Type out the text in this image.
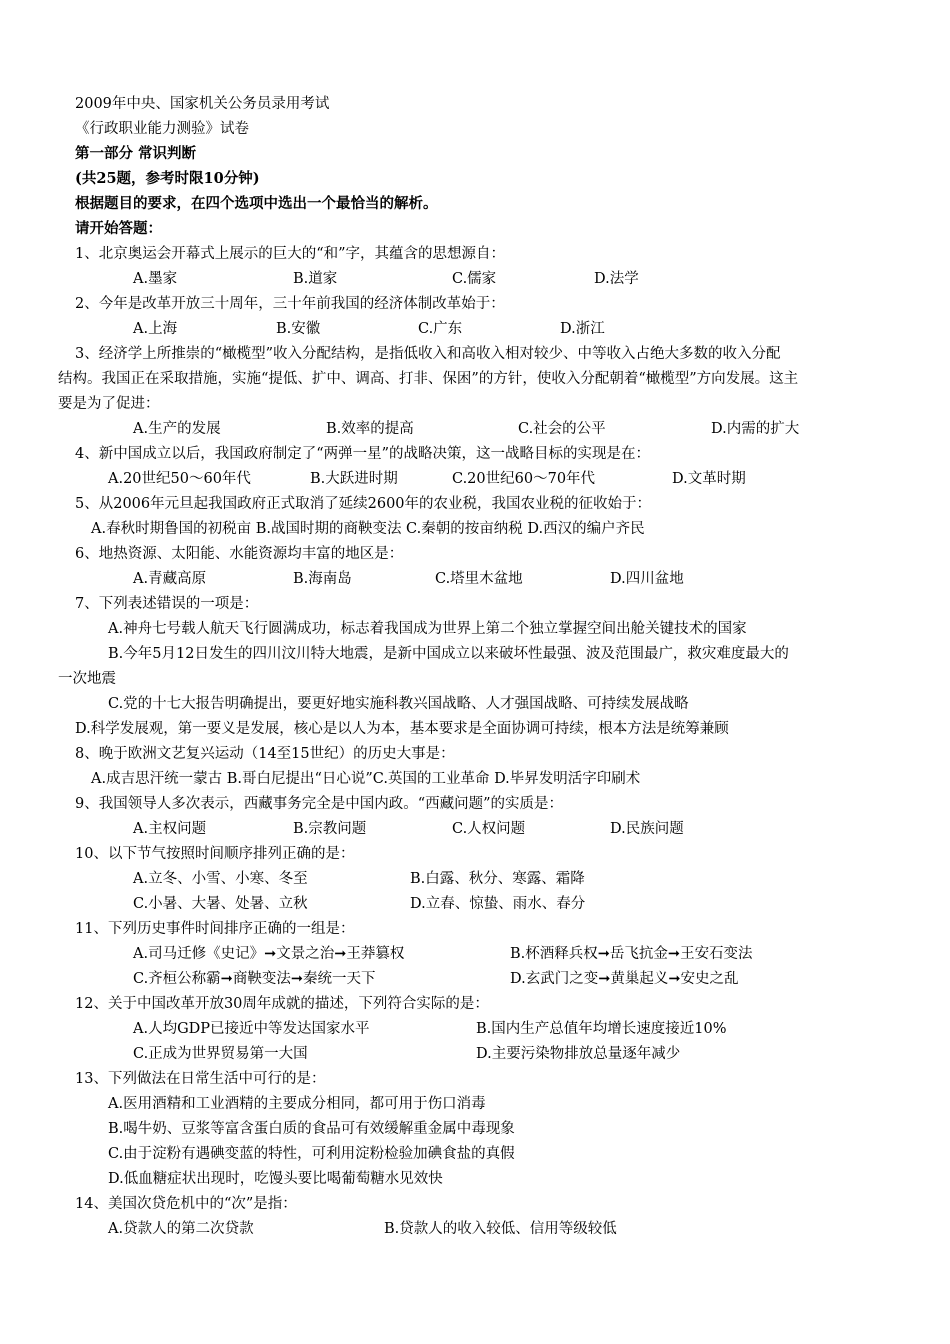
2009年中央、国家机关公务员录用考试
《行政职业能力测验》试卷
第一部分 常识判断
(共25题，参考时限10分钟)
根据题目的要求，在四个选项中选出一个最恰当的解析。
请开始答题：
1、北京奥运会开幕式上展示的巨大的“和”字，其蕴含的思想源自：
A.墨家	B.道家	C.儒家	D.法学
2、今年是改革开放三十周年，三十年前我国的经济体制改革始于：
A.上海	B.安徽	C.广东	D.浙江
3、经济学上所推崇的“橄榄型”收入分配结构，是指低收入和高收入相对较少、中等收入占绝大多数的收入分配
结构。我国正在采取措施，实施“提低、扩中、调高、打非、保困”的方针，使收入分配朝着“橄榄型”方向发展。这主
要是为了促进：
A.生产的发展	B.效率的提高	C.社会的公平	D.内需的扩大
4、新中国成立以后，我国政府制定了“两弹一星”的战略决策，这一战略目标的实现是在：
A.20世纪50～60年代	B.大跃进时期	C.20世纪60～70年代	D.文革时期
5、从2006年元旦起我国政府正式取消了延续2600年的农业税，我国农业税的征收始于：
A.春秋时期鲁国的初税亩 B.战国时期的商鞅变法 C.秦朝的按亩纳税 D.西汉的编户齐民
6、地热资源、太阳能、水能资源均丰富的地区是：
A.青藏高原	B.海南岛	C.塔里木盆地	D.四川盆地
7、下列表述错误的一项是：
A.神舟七号载人航天飞行圆满成功，标志着我国成为世界上第二个独立掌握空间出舱关键技术的国家
B.今年5月12日发生的四川汶川特大地震，是新中国成立以来破坏性最强、波及范围最广，救灾难度最大的
一次地震
C.党的十七大报告明确提出，要更好地实施科教兴国战略、人才强国战略、可持续发展战略
D.科学发展观，第一要义是发展，核心是以人为本，基本要求是全面协调可持续，根本方法是统筹兼顾
8、晚于欧洲文艺复兴运动（14至15世纪）的历史大事是：
A.成吉思汗统一蒙古 B.哥白尼提出“日心说”C.英国的工业革命 D.毕昇发明活字印刷术
9、我国领导人多次表示，西藏事务完全是中国内政。“西藏问题”的实质是：
A.主权问题	B.宗教问题	C.人权问题	D.民族问题
10、以下节气按照时间顺序排列正确的是：
A.立冬、小雪、小寒、冬至	B.白露、秋分、寒露、霜降
C.小暑、大暑、处暑、立秋	D.立春、惊蛰、雨水、春分
11、下列历史事件时间排序正确的一组是：
A.司马迁修《史记》➞文景之治➞王莽篡权	B.杯酒释兵权➞岳飞抗金➞王安石变法
C.齐桓公称霸➞商鞅变法➞秦统一天下	D.玄武门之变➞黄巢起义➞安史之乱
12、关于中国改革开放30周年成就的描述，下列符合实际的是：
A.人均GDP已接近中等发达国家水平	B.国内生产总值年均增长速度接近10%
C.正成为世界贸易第一大国	D.主要污染物排放总量逐年减少
13、下列做法在日常生活中可行的是：
A.医用酒精和工业酒精的主要成分相同，都可用于伤口消毒
B.喝牛奶、豆浆等富含蛋白质的食品可有效缓解重金属中毒现象
C.由于淀粉有遇碘变蓝的特性，可利用淀粉检验加碘食盐的真假
D.低血糖症状出现时，吃馒头要比喝葡萄糖水见效快
14、美国次贷危机中的“次”是指：
A.贷款人的第二次贷款	B.贷款人的收入较低、信用等级较低
